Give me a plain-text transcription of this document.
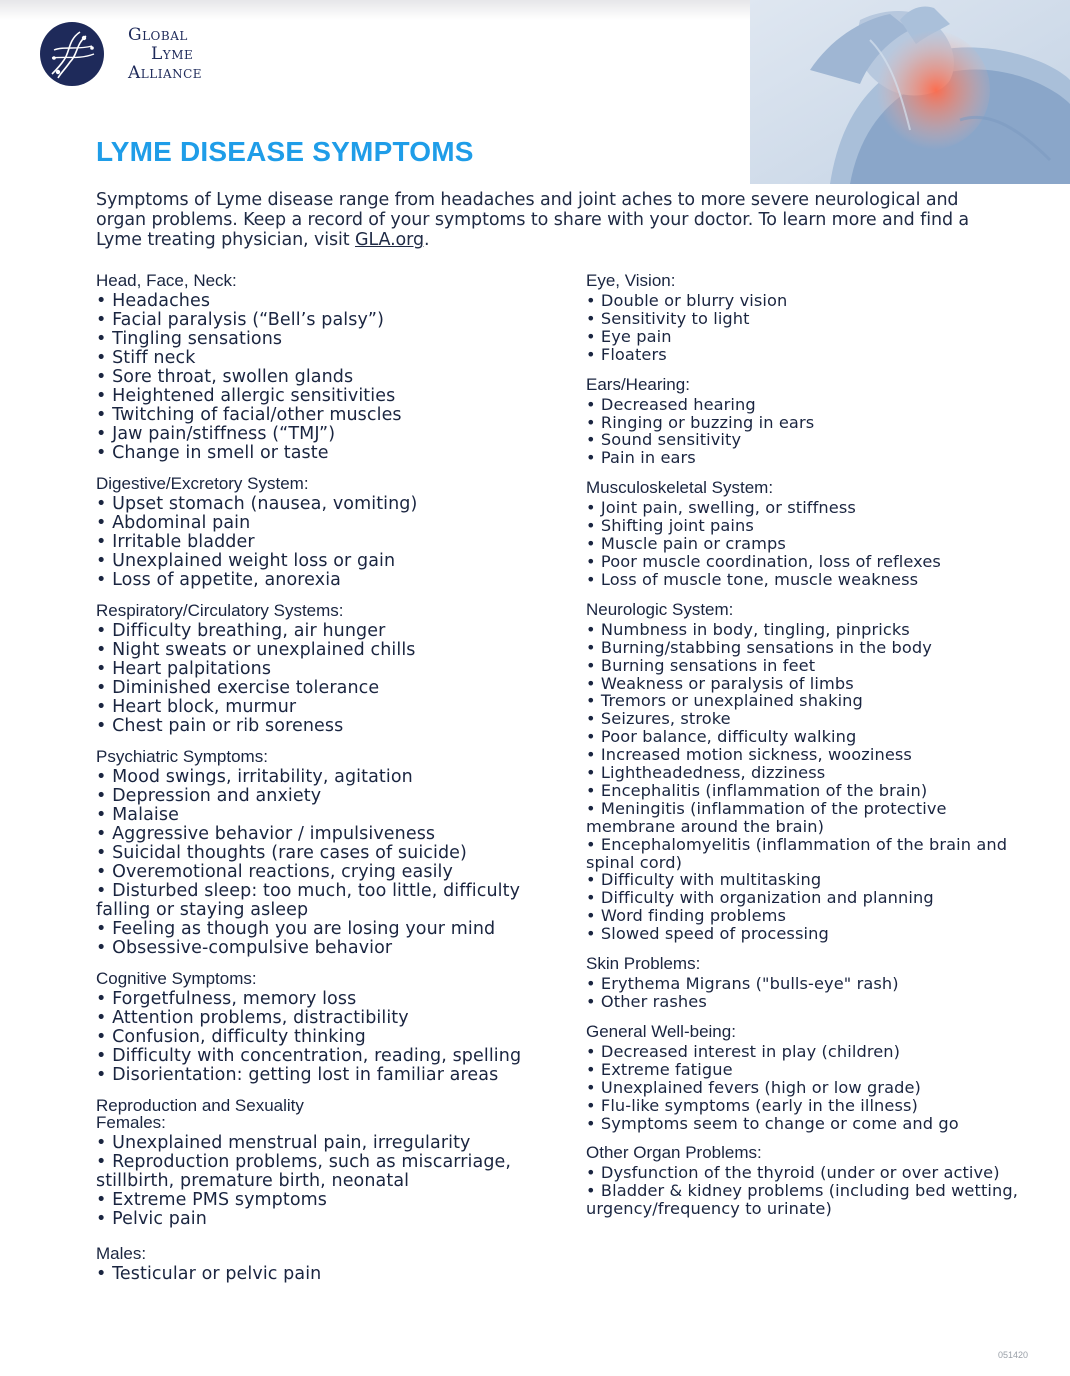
Global
Lyme
Alliance
LYME DISEASE SYMPTOMS

Symptoms of Lyme disease range from headaches and joint aches to more severe neurological and organ problems. Keep a record of your symptoms to share with your doctor. To learn more and find a Lyme treating physician, visit GLA.org.

Head, Face, Neck:
• Headaches
• Facial paralysis (“Bell’s palsy”)
• Tingling sensations
• Stiff neck
• Sore throat, swollen glands
• Heightened allergic sensitivities
• Twitching of facial/other muscles
• Jaw pain/stiffness (“TMJ”)
• Change in smell or taste
Digestive/Excretory System:
• Upset stomach (nausea, vomiting)
• Abdominal pain
• Irritable bladder
• Unexplained weight loss or gain
• Loss of appetite, anorexia
Respiratory/Circulatory Systems:
• Difficulty breathing, air hunger
• Night sweats or unexplained chills
• Heart palpitations
• Diminished exercise tolerance
• Heart block, murmur
• Chest pain or rib soreness
Psychiatric Symptoms:
• Mood swings, irritability, agitation
• Depression and anxiety
• Malaise
• Aggressive behavior / impulsiveness
• Suicidal thoughts (rare cases of suicide)
• Overemotional reactions, crying easily
• Disturbed sleep: too much, too little, difficulty falling or staying asleep
• Feeling as though you are losing your mind
• Obsessive-compulsive behavior
Cognitive Symptoms:
• Forgetfulness, memory loss
• Attention problems, distractibility
• Confusion, difficulty thinking
• Difficulty with concentration, reading, spelling
• Disorientation: getting lost in familiar areas
Reproduction and Sexuality
Females:
• Unexplained menstrual pain, irregularity
• Reproduction problems, such as miscarriage, stillbirth, premature birth, neonatal
• Extreme PMS symptoms
• Pelvic pain
Males:
• Testicular or pelvic pain
Eye, Vision:
• Double or blurry vision
• Sensitivity to light
• Eye pain
• Floaters
Ears/Hearing:
• Decreased hearing
• Ringing or buzzing in ears
• Sound sensitivity
• Pain in ears
Musculoskeletal System:
• Joint pain, swelling, or stiffness
• Shifting joint pains
• Muscle pain or cramps
• Poor muscle coordination, loss of reflexes
• Loss of muscle tone, muscle weakness
Neurologic System:
• Numbness in body, tingling, pinpricks
• Burning/stabbing sensations in the body
• Burning sensations in feet
• Weakness or paralysis of limbs
• Tremors or unexplained shaking
• Seizures, stroke
• Poor balance, difficulty walking
• Increased motion sickness, wooziness
• Lightheadedness, dizziness
• Encephalitis (inflammation of the brain)
• Meningitis (inflammation of the protective membrane around the brain)
• Encephalomyelitis (inflammation of the brain and spinal cord)
• Difficulty with multitasking
• Difficulty with organization and planning
• Word finding problems
• Slowed speed of processing
Skin Problems:
• Erythema Migrans ("bulls-eye" rash)
• Other rashes
General Well-being:
• Decreased interest in play (children)
• Extreme fatigue
• Unexplained fevers (high or low grade)
• Flu-like symptoms (early in the illness)
• Symptoms seem to change or come and go
Other Organ Problems:
• Dysfunction of the thyroid (under or over active)
• Bladder & kidney problems (including bed wetting, urgency/frequency to urinate)
051420
